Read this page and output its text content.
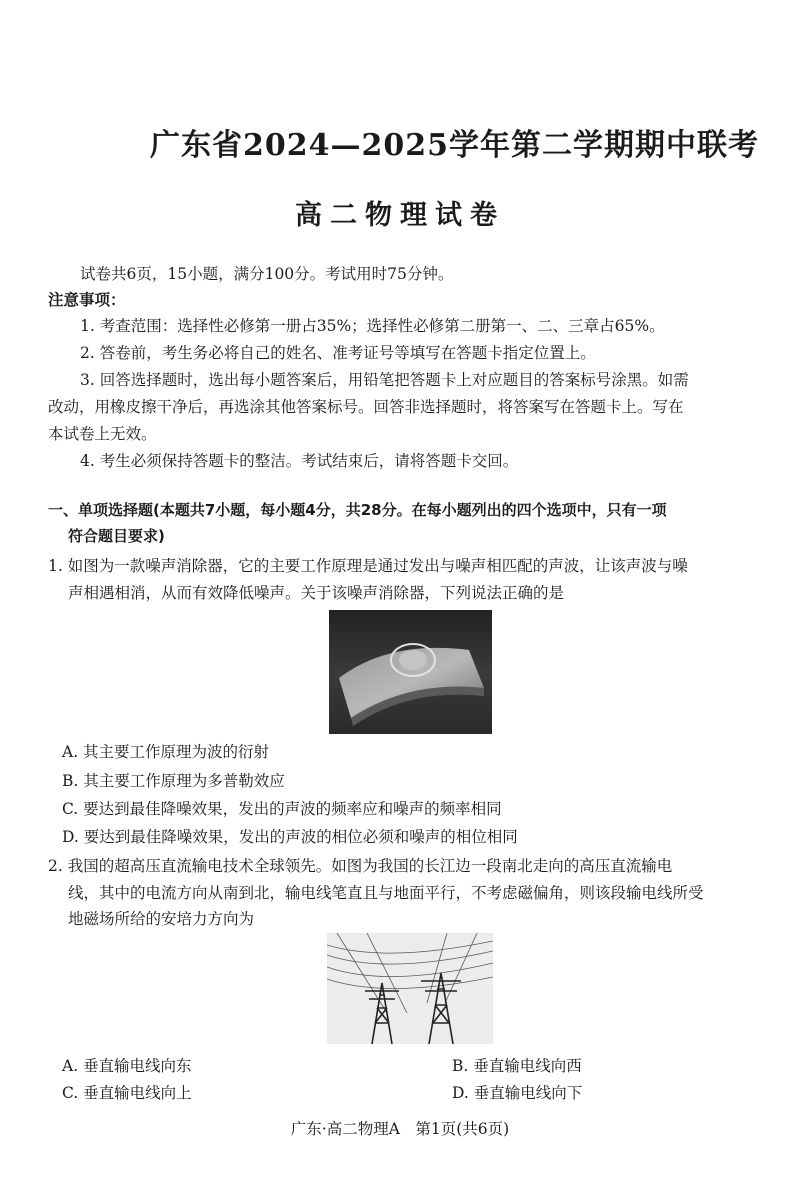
广东省2024—2025学年第二学期期中联考
高二物理试卷
试卷共6页，15小题，满分100分。考试用时75分钟。
注意事项：
1. 考查范围：选择性必修第一册占35%；选择性必修第二册第一、二、三章占65%。
2. 答卷前，考生务必将自己的姓名、准考证号等填写在答题卡指定位置上。
3. 回答选择题时，选出每小题答案后，用铅笔把答题卡上对应题目的答案标号涂黑。如需
改动，用橡皮擦干净后，再选涂其他答案标号。回答非选择题时，将答案写在答题卡上。写在
本试卷上无效。
4. 考生必须保持答题卡的整洁。考试结束后，请将答题卡交回。
一、单项选择题(本题共7小题，每小题4分，共28分。在每小题列出的四个选项中，只有一项
符合题目要求)
1. 如图为一款噪声消除器，它的主要工作原理是通过发出与噪声相匹配的声波，让该声波与噪
声相遇相消，从而有效降低噪声。关于该噪声消除器，下列说法正确的是
A. 其主要工作原理为波的衍射
B. 其主要工作原理为多普勒效应
C. 要达到最佳降噪效果，发出的声波的频率应和噪声的频率相同
D. 要达到最佳降噪效果，发出的声波的相位必须和噪声的相位相同
2. 我国的超高压直流输电技术全球领先。如图为我国的长江边一段南北走向的高压直流输电
线，其中的电流方向从南到北，输电线笔直且与地面平行，不考虑磁偏角，则该段输电线所受
地磁场所给的安培力方向为
A. 垂直输电线向东	B. 垂直输电线向西
C. 垂直输电线向上	D. 垂直输电线向下
广东·高二物理A　第1页(共6页)
